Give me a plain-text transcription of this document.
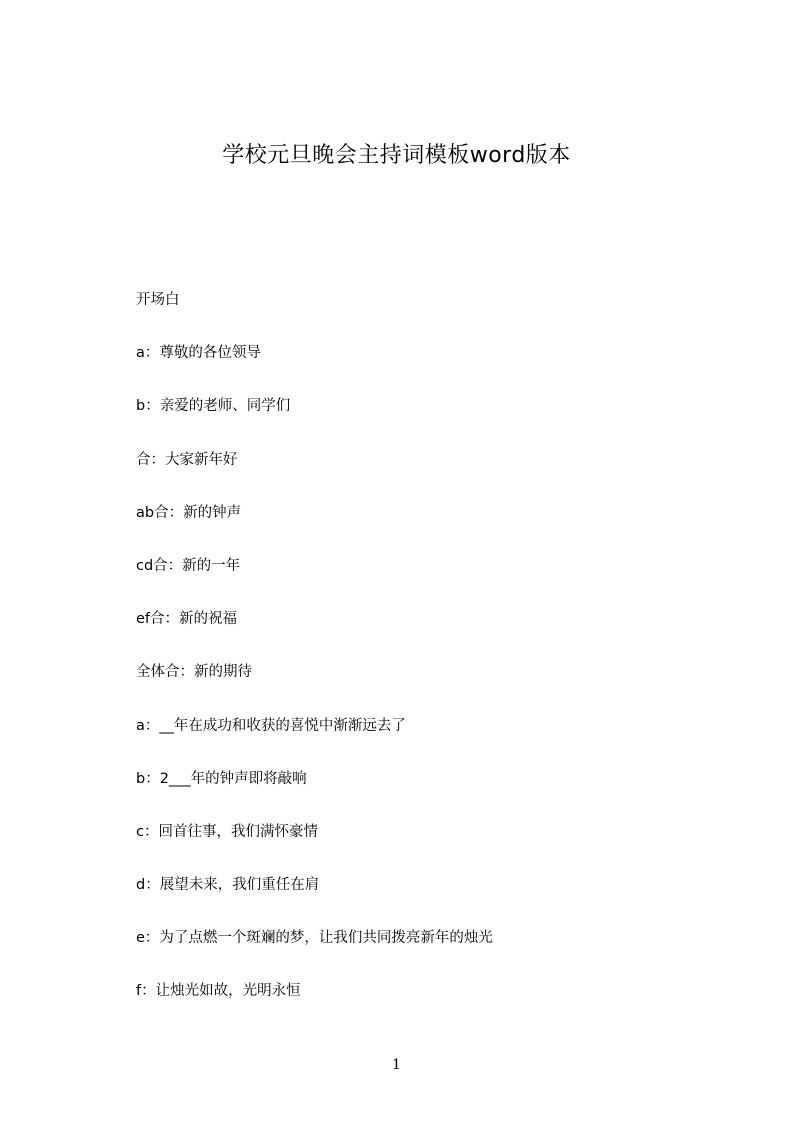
学校元旦晚会主持词模板word版本
开场白
a：尊敬的各位领导
b：亲爱的老师、同学们
合：大家新年好
ab合：新的钟声
cd合：新的一年
ef合：新的祝福
全体合：新的期待
a：__年在成功和收获的喜悦中渐渐远去了
b：2___年的钟声即将敲响
c：回首往事，我们满怀豪情
d：展望未来，我们重任在肩
e：为了点燃一个斑斓的梦，让我们共同拨亮新年的烛光
f：让烛光如故，光明永恒
1
